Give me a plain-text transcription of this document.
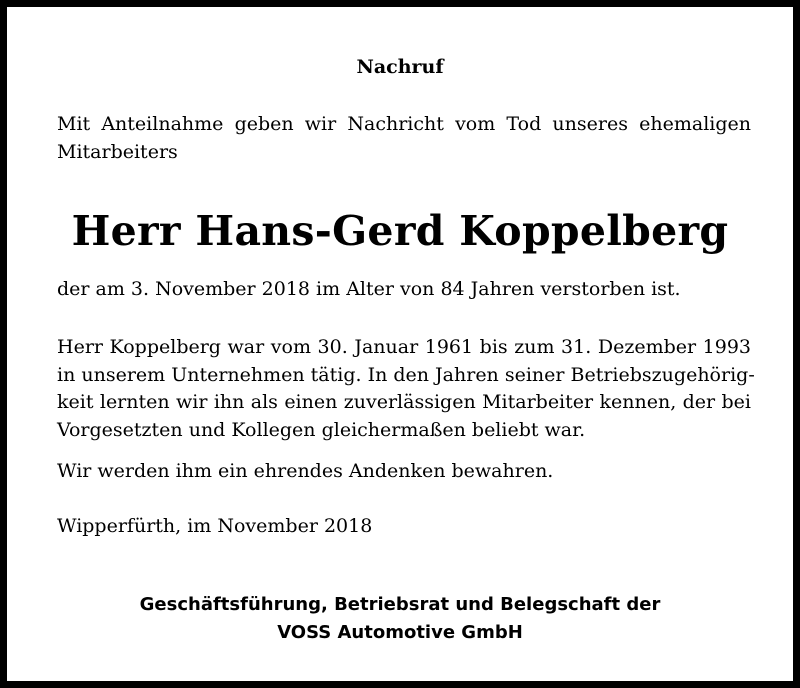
Nachruf
Mit Anteilnahme geben wir Nachricht vom Tod unseres ehemaligen
Mitarbeiters
Herr Hans-Gerd Koppelberg
der am 3. November 2018 im Alter von 84 Jahren verstorben ist.
Herr Koppelberg war vom 30. Januar 1961 bis zum 31. Dezember 1993
in unserem Unternehmen tätig. In den Jahren seiner Betriebszugehörig-
keit lernten wir ihn als einen zuverlässigen Mitarbeiter kennen, der bei
Vorgesetzten und Kollegen gleichermaßen beliebt war.
Wir werden ihm ein ehrendes Andenken bewahren.
Wipperfürth, im November 2018
Geschäftsführung, Betriebsrat und Belegschaft der
VOSS Automotive GmbH
